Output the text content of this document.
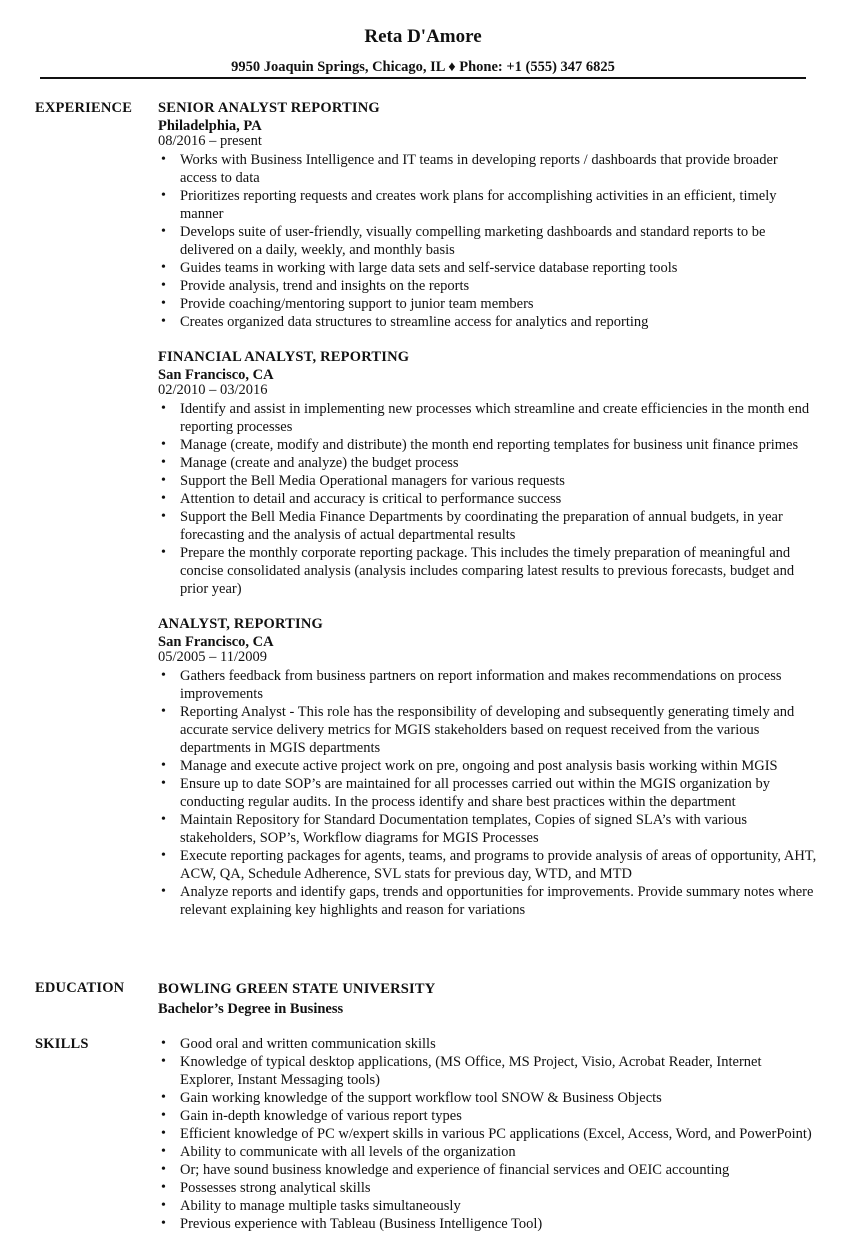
Reta D'Amore
9950 Joaquin Springs, Chicago, IL ♦ Phone: +1 (555) 347 6825
EXPERIENCE SENIOR ANALYST REPORTING
Philadelphia, PA
08/2016 – present
• Works with Business Intelligence and IT teams in developing reports / dashboards that provide broader access to data
• Prioritizes reporting requests and creates work plans for accomplishing activities in an efficient, timely manner
• Develops suite of user-friendly, visually compelling marketing dashboards and standard reports to be delivered on a daily, weekly, and monthly basis
• Guides teams in working with large data sets and self-service database reporting tools
• Provide analysis, trend and insights on the reports
• Provide coaching/mentoring support to junior team members
• Creates organized data structures to streamline access for analytics and reporting
FINANCIAL ANALYST, REPORTING
San Francisco, CA
02/2010 – 03/2016
• Identify and assist in implementing new processes which streamline and create efficiencies in the month end reporting processes
• Manage (create, modify and distribute) the month end reporting templates for business unit finance primes
• Manage (create and analyze) the budget process
• Support the Bell Media Operational managers for various requests
• Attention to detail and accuracy is critical to performance success
• Support the Bell Media Finance Departments by coordinating the preparation of annual budgets, in year forecasting and the analysis of actual departmental results
• Prepare the monthly corporate reporting package. This includes the timely preparation of meaningful and concise consolidated analysis (analysis includes comparing latest results to previous forecasts, budget and prior year)
ANALYST, REPORTING
San Francisco, CA
05/2005 – 11/2009
• Gathers feedback from business partners on report information and makes recommendations on process improvements
• Reporting Analyst - This role has the responsibility of developing and subsequently generating timely and accurate service delivery metrics for MGIS stakeholders based on request received from the various departments in MGIS departments
• Manage and execute active project work on pre, ongoing and post analysis basis working within MGIS
• Ensure up to date SOP’s are maintained for all processes carried out within the MGIS organization by conducting regular audits. In the process identify and share best practices within the department
• Maintain Repository for Standard Documentation templates, Copies of signed SLA’s with various stakeholders, SOP’s, Workflow diagrams for MGIS Processes
• Execute reporting packages for agents, teams, and programs to provide analysis of areas of opportunity, AHT, ACW, QA, Schedule Adherence, SVL stats for previous day, WTD, and MTD
• Analyze reports and identify gaps, trends and opportunities for improvements. Provide summary notes where relevant explaining key highlights and reason for variations
EDUCATION BOWLING GREEN STATE UNIVERSITY
Bachelor’s Degree in Business
SKILLS
•	Good oral and written communication skills
• Knowledge of typical desktop applications, (MS Office, MS Project, Visio, Acrobat Reader, Internet Explorer, Instant Messaging tools)
• Gain working knowledge of the support workflow tool SNOW & Business Objects
• Gain in-depth knowledge of various report types
• Efficient knowledge of PC w/expert skills in various PC applications (Excel, Access, Word, and PowerPoint)
• Ability to communicate with all levels of the organization
• Or; have sound business knowledge and experience of financial services and OEIC accounting
• Possesses strong analytical skills
• Ability to manage multiple tasks simultaneously
• Previous experience with Tableau (Business Intelligence Tool)
